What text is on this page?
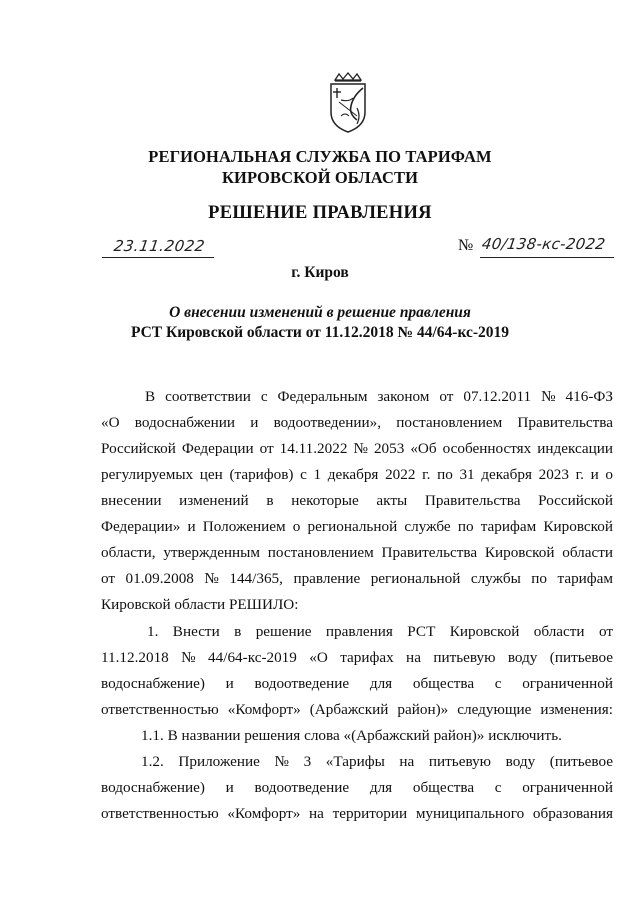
РЕГИОНАЛЬНАЯ СЛУЖБА ПО ТАРИФАМ
КИРОВСКОЙ ОБЛАСТИ
РЕШЕНИЕ ПРАВЛЕНИЯ
23.11.2022	№ 40/138-кс-2022
г. Киров
О внесении изменений в решение правления
РСТ Кировской области от 11.12.2018 № 44/64-кс-2019
В соответствии с Федеральным законом от 07.12.2011 № 416-ФЗ
«О водоснабжении и водоотведении», постановлением Правительства
Российской Федерации от 14.11.2022 № 2053 «Об особенностях индексации
регулируемых цен (тарифов) с 1 декабря 2022 г. по 31 декабря 2023 г. и о
внесении изменений в некоторые акты Правительства Российской
Федерации» и Положением о региональной службе по тарифам Кировской
области, утвержденным постановлением Правительства Кировской области
от 01.09.2008 № 144/365, правление региональной службы по тарифам
Кировской области РЕШИЛО:
1. Внести в решение правления РСТ Кировской области от
11.12.2018 № 44/64-кс-2019 «О тарифах на питьевую воду (питьевое
водоснабжение) и водоотведение для общества с ограниченной
ответственностью «Комфорт» (Арбажский район)» следующие изменения:
1.1. В названии решения слова «(Арбажский район)» исключить.
1.2. Приложение № 3 «Тарифы на питьевую воду (питьевое
водоснабжение) и водоотведение для общества с ограниченной
ответственностью «Комфорт» на территории муниципального образования
